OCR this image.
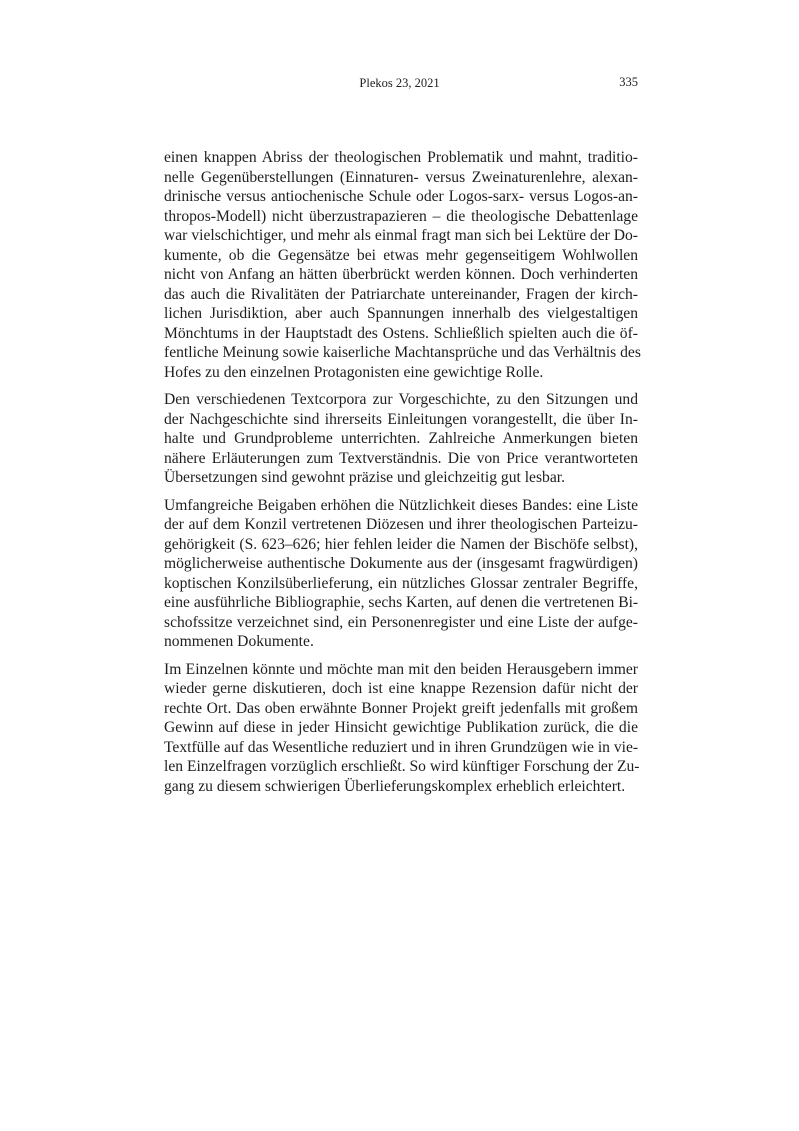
Plekos 23, 2021	335

einen knappen Abriss der theologischen Problematik und mahnt, traditio-
nelle Gegenüberstellungen (Einnaturen- versus Zweinaturenlehre, alexan-
drinische versus antiochenische Schule oder Logos-sarx- versus Logos-an-
thropos-Modell) nicht überzustrapazieren – die theologische Debattenlage
war vielschichtiger, und mehr als einmal fragt man sich bei Lektüre der Do-
kumente, ob die Gegensätze bei etwas mehr gegenseitigem Wohlwollen
nicht von Anfang an hätten überbrückt werden können. Doch verhinderten
das auch die Rivalitäten der Patriarchate untereinander, Fragen der kirch-
lichen Jurisdiktion, aber auch Spannungen innerhalb des vielgestaltigen
Mönchtums in der Hauptstadt des Ostens. Schließlich spielten auch die öf-
fentliche Meinung sowie kaiserliche Machtansprüche und das Verhältnis des
Hofes zu den einzelnen Protagonisten eine gewichtige Rolle.

Den verschiedenen Textcorpora zur Vorgeschichte, zu den Sitzungen und
der Nachgeschichte sind ihrerseits Einleitungen vorangestellt, die über In-
halte und Grundprobleme unterrichten. Zahlreiche Anmerkungen bieten
nähere Erläuterungen zum Textverständnis. Die von Price verantworteten
Übersetzungen sind gewohnt präzise und gleichzeitig gut lesbar.

Umfangreiche Beigaben erhöhen die Nützlichkeit dieses Bandes: eine Liste
der auf dem Konzil vertretenen Diözesen und ihrer theologischen Parteizu-
gehörigkeit (S. 623–626; hier fehlen leider die Namen der Bischöfe selbst),
möglicherweise authentische Dokumente aus der (insgesamt fragwürdigen)
koptischen Konzilsüberlieferung, ein nützliches Glossar zentraler Begriffe,
eine ausführliche Bibliographie, sechs Karten, auf denen die vertretenen Bi-
schofssitze verzeichnet sind, ein Personenregister und eine Liste der aufge-
nommenen Dokumente.

Im Einzelnen könnte und möchte man mit den beiden Herausgebern immer
wieder gerne diskutieren, doch ist eine knappe Rezension dafür nicht der
rechte Ort. Das oben erwähnte Bonner Projekt greift jedenfalls mit großem
Gewinn auf diese in jeder Hinsicht gewichtige Publikation zurück, die die
Textfülle auf das Wesentliche reduziert und in ihren Grundzügen wie in vie-
len Einzelfragen vorzüglich erschließt. So wird künftiger Forschung der Zu-
gang zu diesem schwierigen Überlieferungskomplex erheblich erleichtert.
